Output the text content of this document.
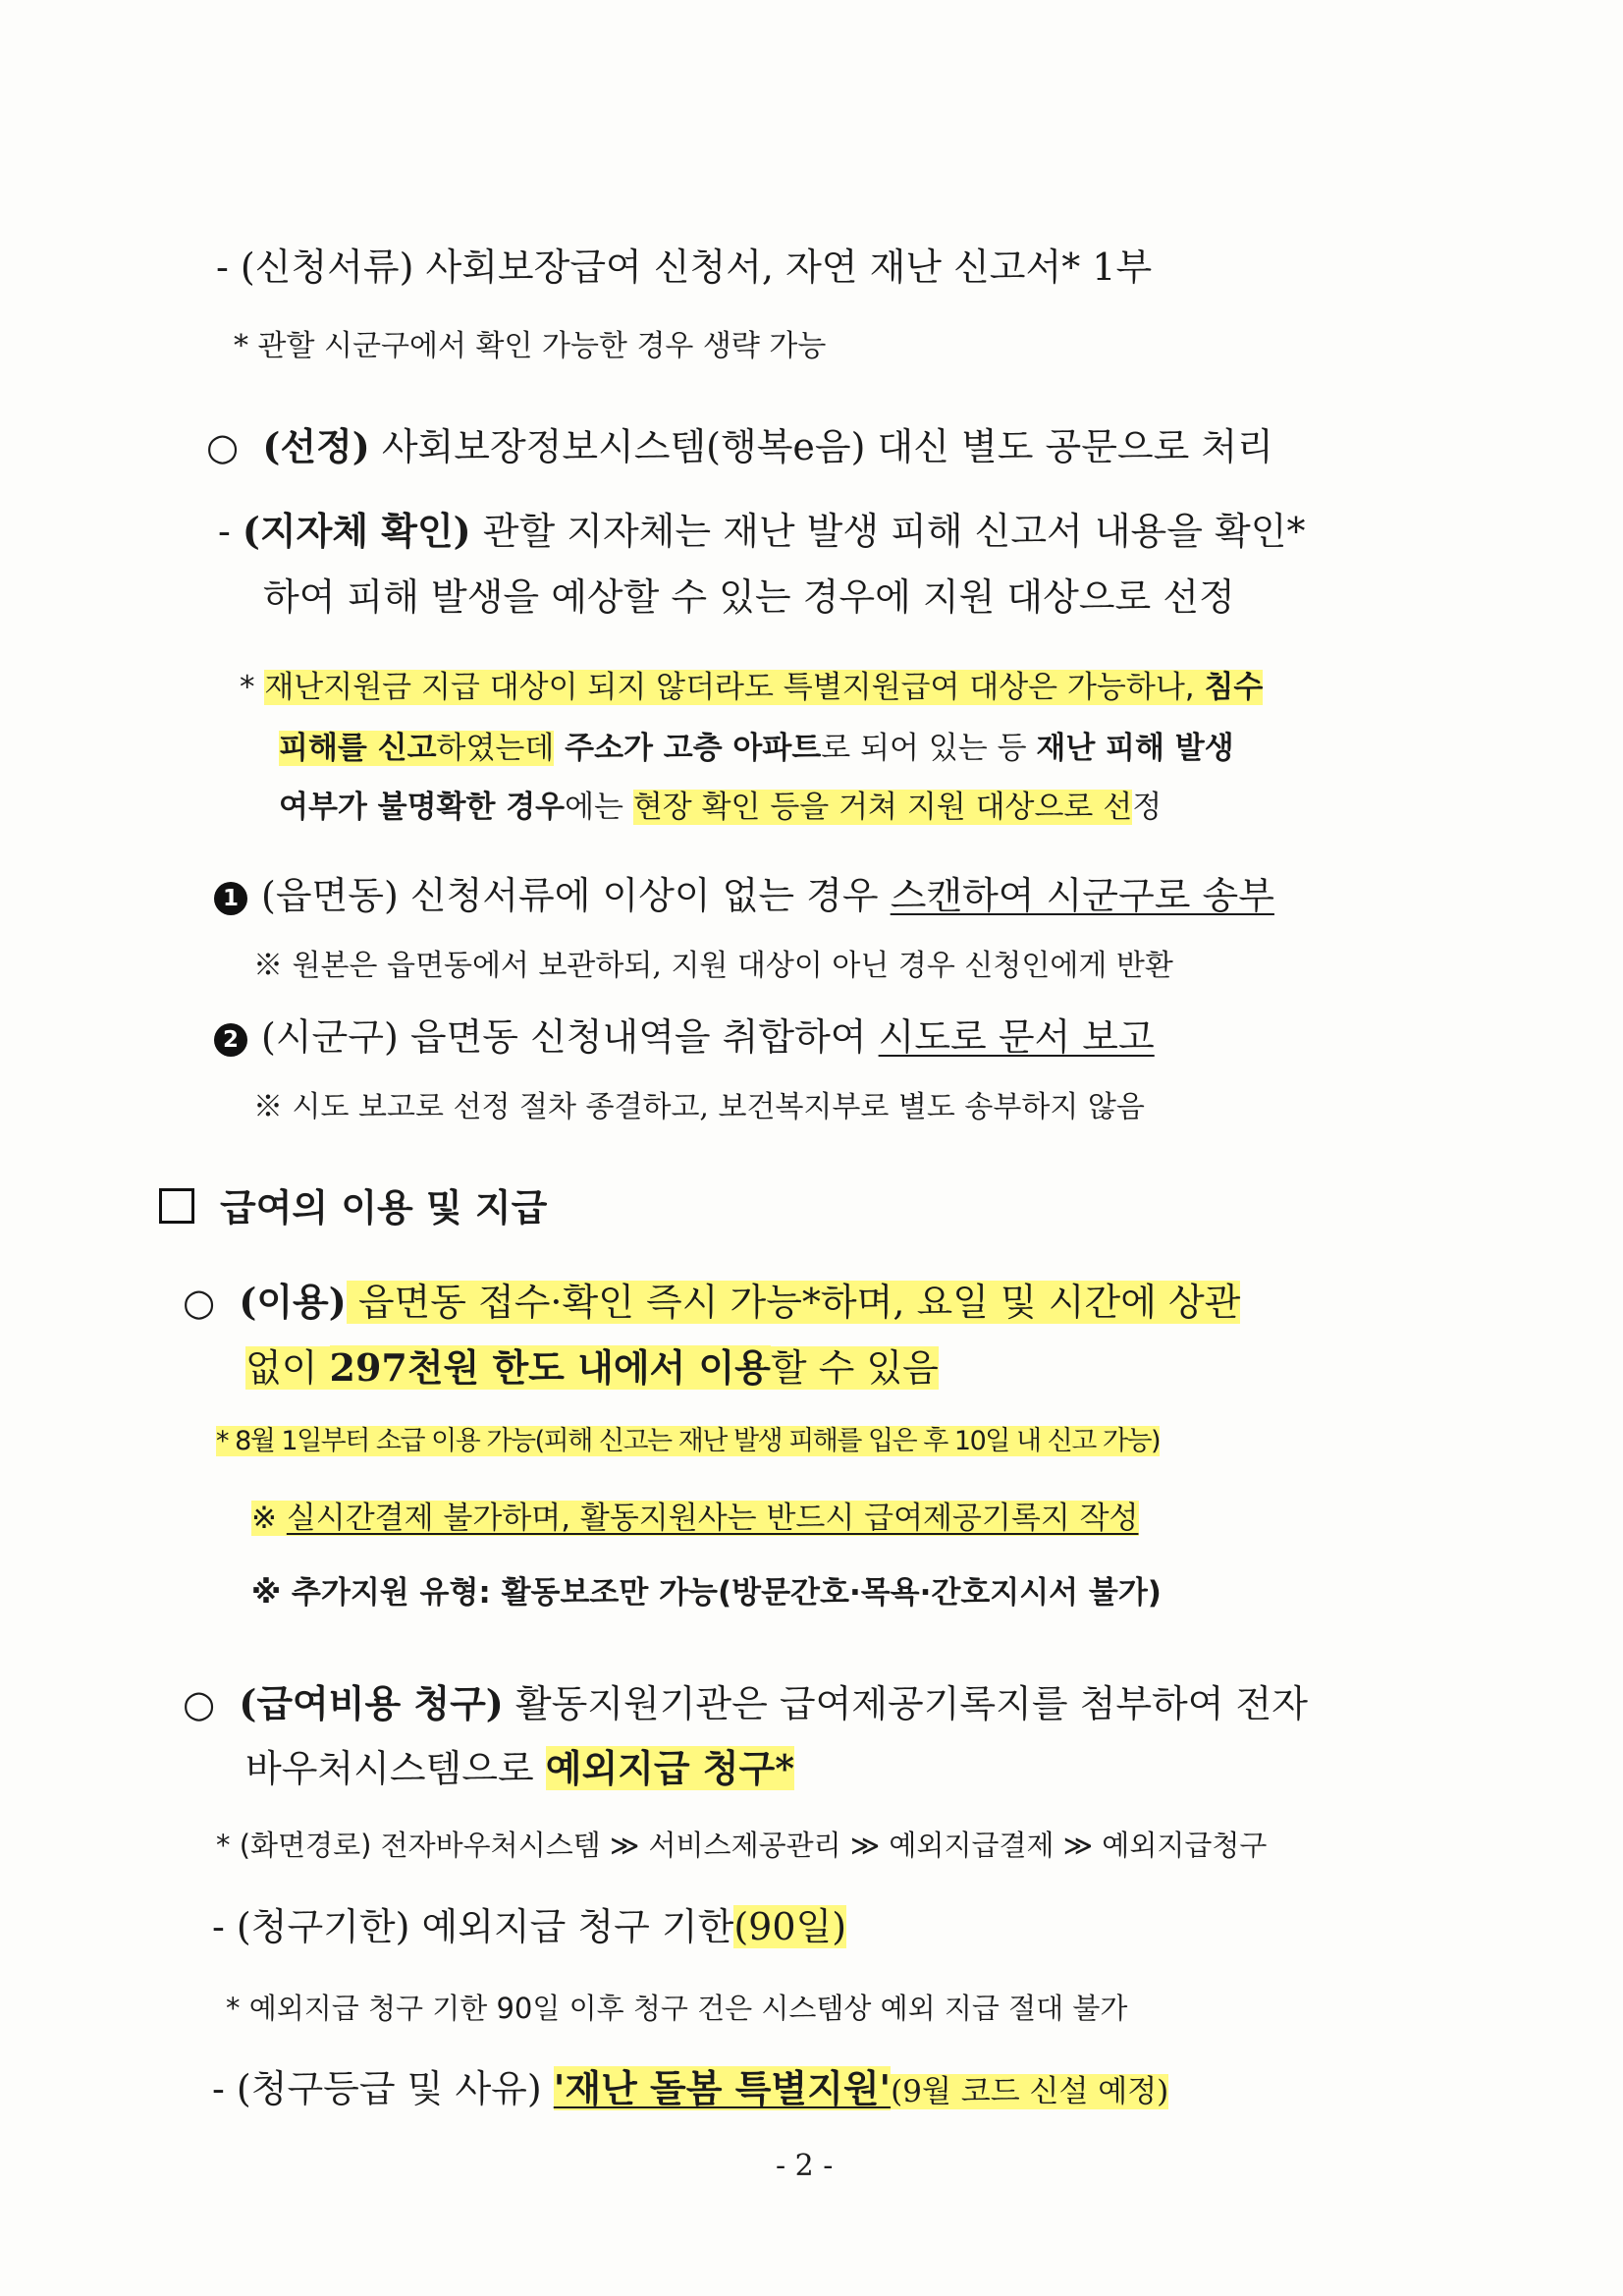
- (신청서류) 사회보장급여 신청서, 자연 재난 신고서* 1부
* 관할 시군구에서 확인 가능한 경우 생략 가능
○ (선정) 사회보장정보시스템(행복e음) 대신 별도 공문으로 처리
- (지자체 확인) 관할 지자체는 재난 발생 피해 신고서 내용을 확인*
하여 피해 발생을 예상할 수 있는 경우에 지원 대상으로 선정
* 재난지원금 지급 대상이 되지 않더라도 특별지원급여 대상은 가능하나, 침수
피해를 신고하였는데 주소가 고층 아파트로 되어 있는 등 재난 피해 발생
여부가 불명확한 경우에는 현장 확인 등을 거쳐 지원 대상으로 선정
1 (읍면동) 신청서류에 이상이 없는 경우 스캔하여 시군구로 송부
※ 원본은 읍면동에서 보관하되, 지원 대상이 아닌 경우 신청인에게 반환
2 (시군구) 읍면동 신청내역을 취합하여 시도로 문서 보고
※ 시도 보고로 선정 절차 종결하고, 보건복지부로 별도 송부하지 않음
급여의 이용 및 지급
○ (이용) 읍면동 접수·확인 즉시 가능*하며, 요일 및 시간에 상관
없이 297천원 한도 내에서 이용할 수 있음
* 8월 1일부터 소급 이용 가능(피해 신고는 재난 발생 피해를 입은 후 10일 내 신고 가능)
※ 실시간결제 불가하며, 활동지원사는 반드시 급여제공기록지 작성
※ 추가지원 유형: 활동보조만 가능(방문간호·목욕·간호지시서 불가)
○ (급여비용 청구) 활동지원기관은 급여제공기록지를 첨부하여 전자
바우처시스템으로 예외지급 청구*
* (화면경로) 전자바우처시스템 ≫ 서비스제공관리 ≫ 예외지급결제 ≫ 예외지급청구
- (청구기한) 예외지급 청구 기한(90일)
* 예외지급 청구 기한 90일 이후 청구 건은 시스템상 예외 지급 절대 불가
- (청구등급 및 사유) '재난 돌봄 특별지원'(9월 코드 신설 예정)
- 2 -
